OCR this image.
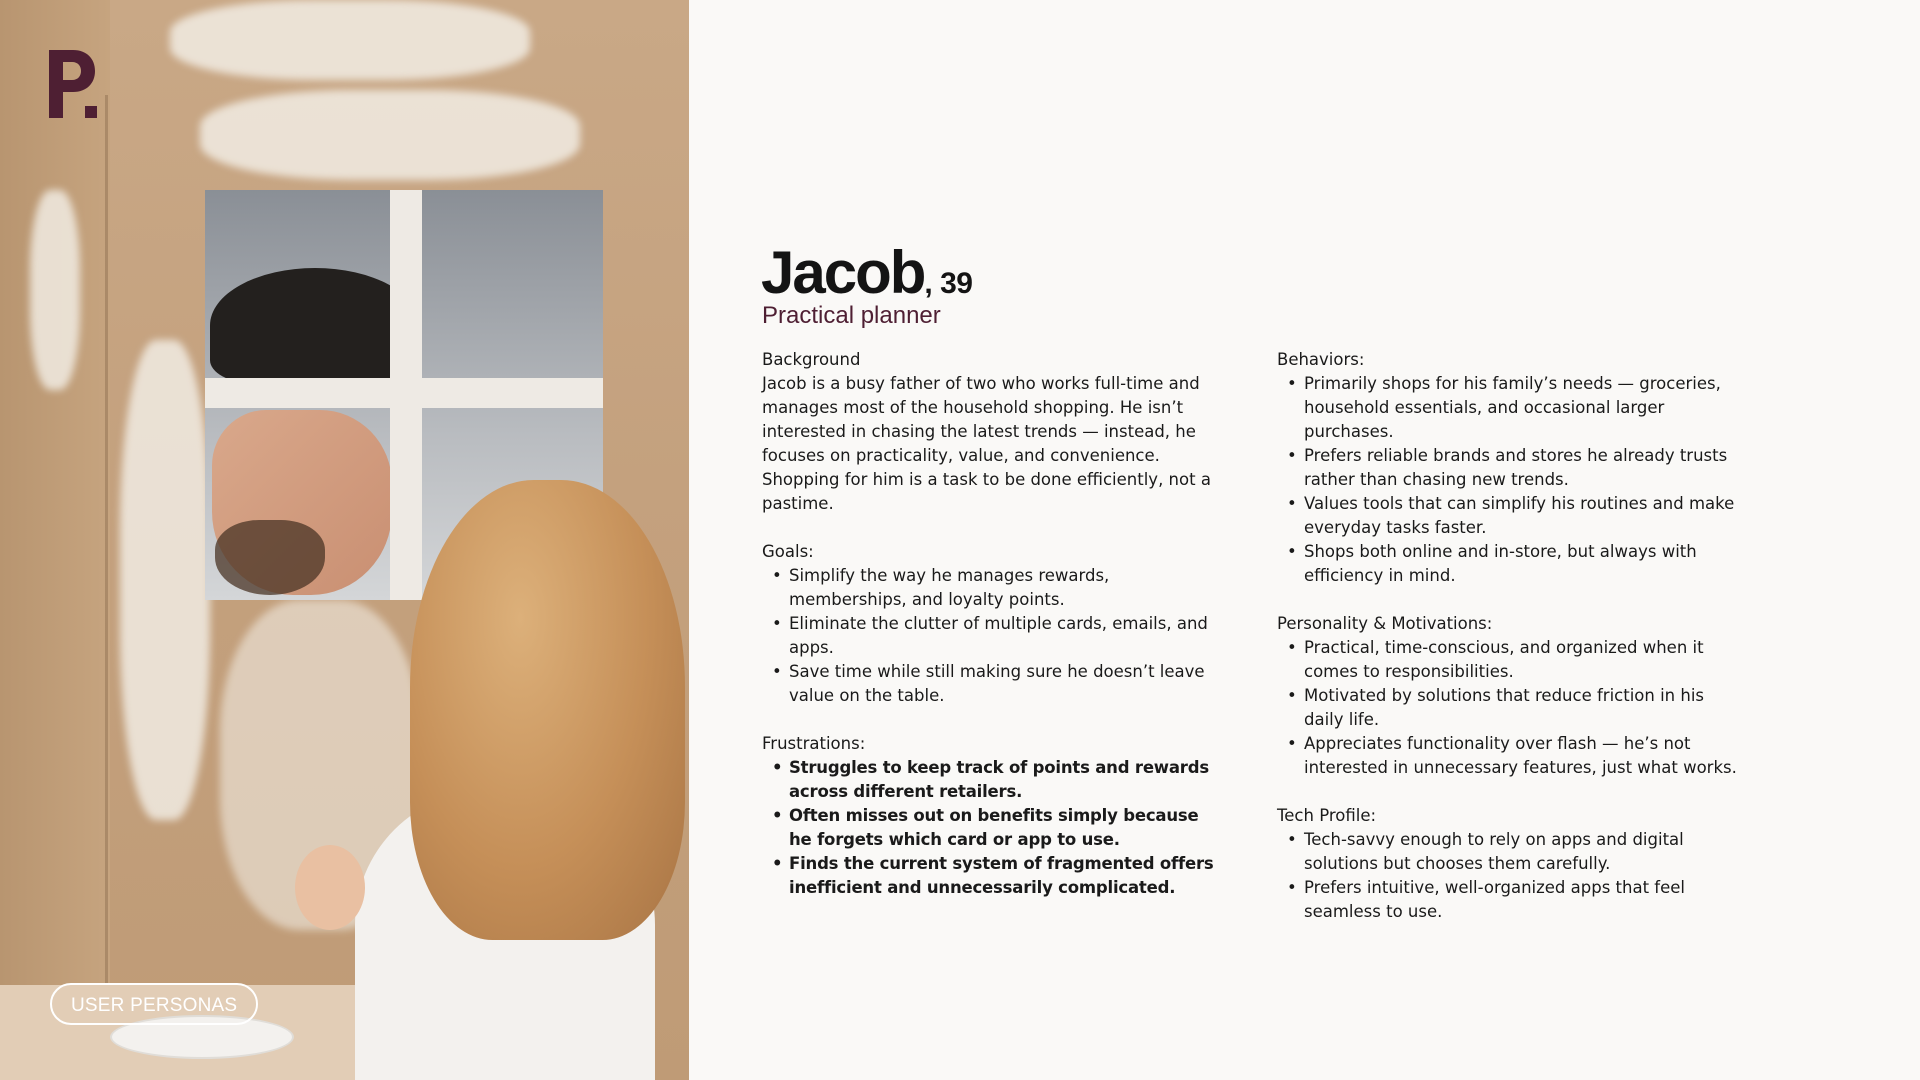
USER PERSONAS
Jacob, 39
Practical planner
Background

Jacob is a busy father of two who works full-time and manages most of the household shopping. He isn’t interested in chasing the latest trends — instead, he focuses on practicality, value, and convenience. Shopping for him is a task to be done efficiently, not a pastime.

Goals:
• Simplify the way he manages rewards, memberships, and loyalty points.
• Eliminate the clutter of multiple cards, emails, and apps.
• Save time while still making sure he doesn’t leave value on the table.
Frustrations:
• Struggles to keep track of points and rewards across different retailers.
• Often misses out on benefits simply because he forgets which card or app to use.
• Finds the current system of fragmented offers inefficient and unnecessarily complicated.
Behaviors:
• Primarily shops for his family’s needs — groceries, household essentials, and occasional larger purchases.
• Prefers reliable brands and stores he already trusts rather than chasing new trends.
• Values tools that can simplify his routines and make everyday tasks faster.
• Shops both online and in-store, but always with efficiency in mind.
Personality & Motivations:
• Practical, time-conscious, and organized when it comes to responsibilities.
• Motivated by solutions that reduce friction in his daily life.
• Appreciates functionality over flash — he’s not interested in unnecessary features, just what works.
Tech Profile:
• Tech-savvy enough to rely on apps and digital solutions but chooses them carefully.
• Prefers intuitive, well-organized apps that feel seamless to use.
